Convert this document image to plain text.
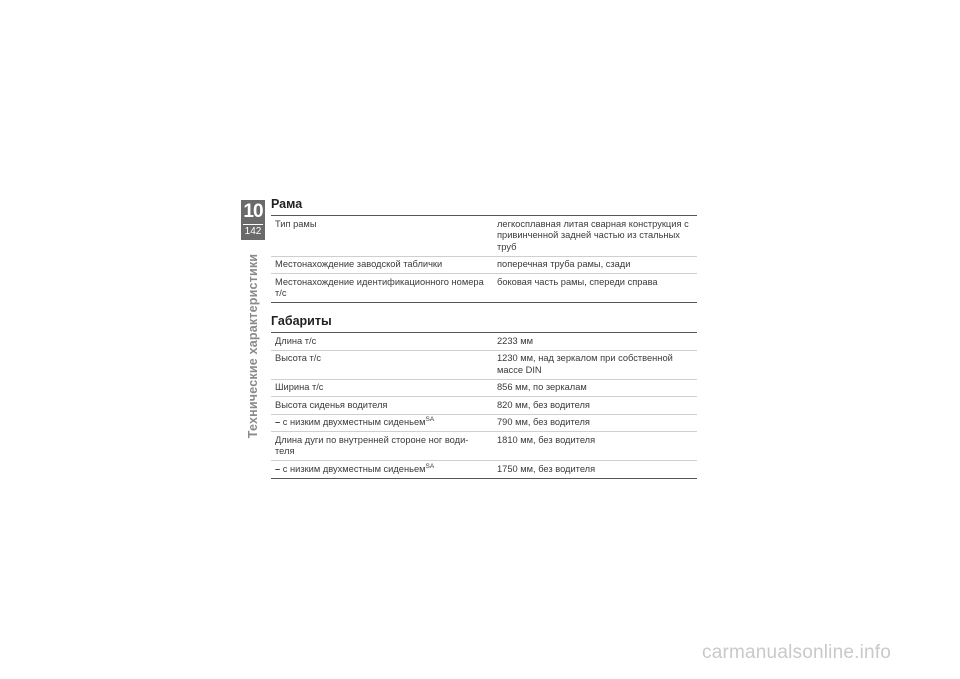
10
142
Технические характеристики
Рама
Тип рамы	легкосплавная литая сварная конструкция с привинченной задней частью из стальных труб
Местонахождение заводской таблички	поперечная труба рамы, сзади
Местонахождение идентификационного номера т/с	боковая часть рамы, спереди справа
Габариты
Длина т/с	2233 мм
Высота т/с	1230 мм, над зеркалом при собственной массе DIN
Ширина т/с	856 мм, по зеркалам
Высота сиденья водителя	820 мм, без водителя
– с низким двухместным сиденьем$^{SA}$	790 мм, без водителя
Длина дуги по внутренней стороне ног води-теля	1810 мм, без водителя
– с низким двухместным сиденьем$^{SA}$	1750 мм, без водителя
carmanualsonline.info
